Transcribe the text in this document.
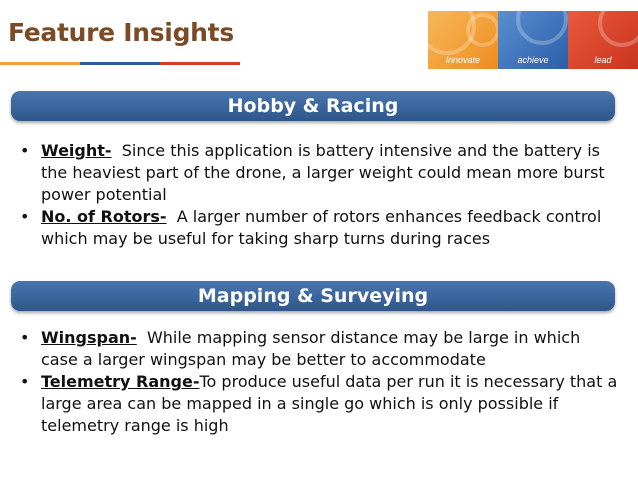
Feature Insights
innovate	achieve	lead
Hobby & Racing
• Weight- Since this application is battery intensive and the battery is the heaviest part of the drone, a larger weight could mean more burst power potential
• No. of Rotors- A larger number of rotors enhances feedback control which may be useful for taking sharp turns during races
Mapping & Surveying
• Wingspan- While mapping sensor distance may be large in which case a larger wingspan may be better to accommodate
• Telemetry Range-To produce useful data per run it is necessary that a large area can be mapped in a single go which is only possible if telemetry range is high
